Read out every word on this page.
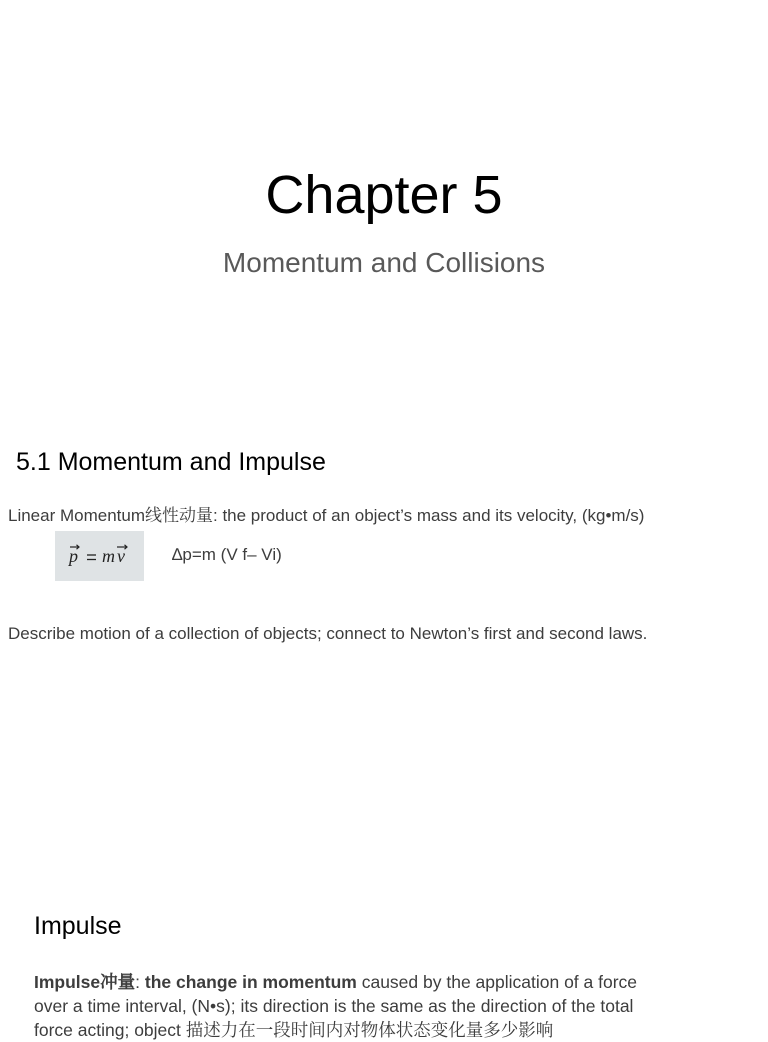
Chapter 5
Momentum and Collisions
5.1 Momentum and Impulse
Linear Momentum线性动量: the product of an object’s mass and its velocity, (kg•m/s)
p m v	∆p=m (V f– Vi)
Describe motion of a collection of objects; connect to Newton’s first and second laws.
Impulse
Impulse冲量: the change in momentum caused by the application of a force
over a time interval, (N•s); its direction is the same as the direction of the total
force acting; object 描述力在一段时间内对物体状态变化量多少影响
